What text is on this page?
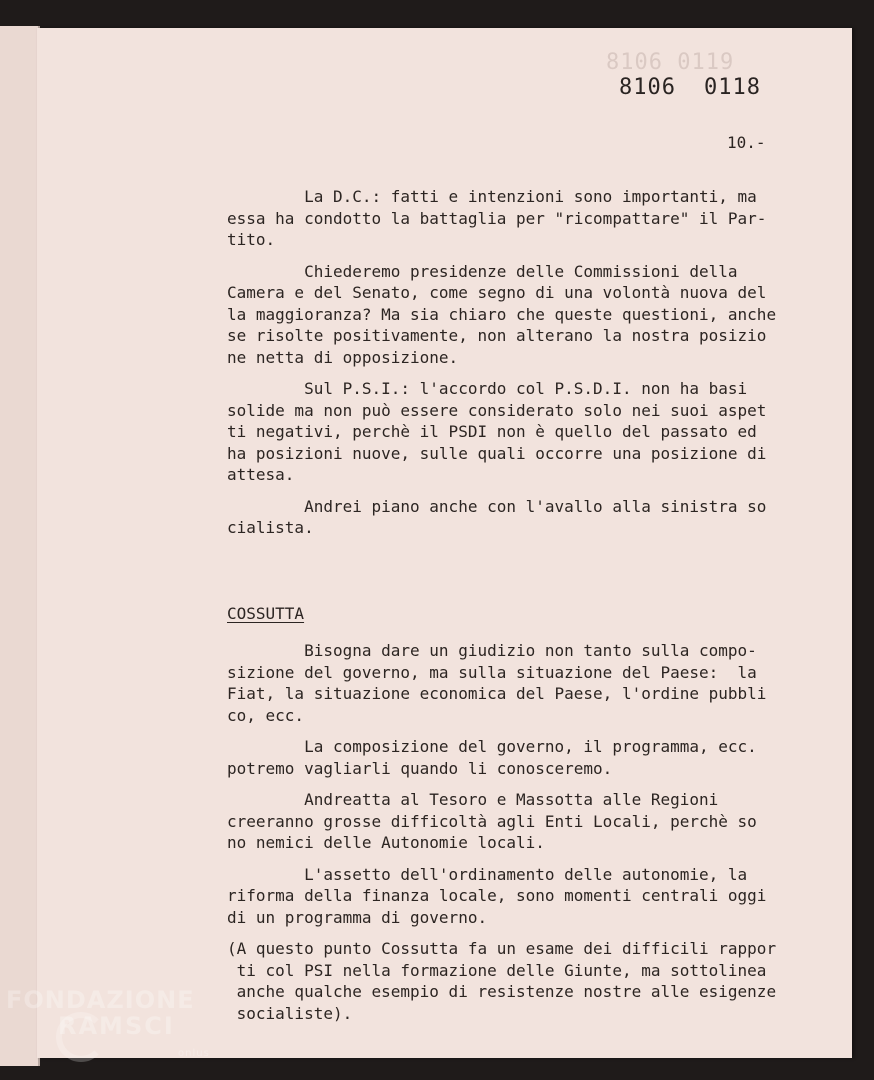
8106 0119
8106 0118
10.-
La D.C.: fatti e intenzioni sono importanti, ma
essa ha condotto la battaglia per "ricompattare" il Par-
tito.
Chiederemo presidenze delle Commissioni della
Camera e del Senato, come segno di una volontà nuova del
la maggioranza? Ma sia chiaro che queste questioni, anche
se risolte positivamente, non alterano la nostra posizio
ne netta di opposizione.
Sul P.S.I.: l'accordo col P.S.D.I. non ha basi
solide ma non può essere considerato solo nei suoi aspet
ti negativi, perchè il PSDI non è quello del passato ed
ha posizioni nuove, sulle quali occorre una posizione di
attesa.
Andrei piano anche con l'avallo alla sinistra so
cialista.
COSSUTTA
Bisogna dare un giudizio non tanto sulla compo-
sizione del governo, ma sulla situazione del Paese:  la
Fiat, la situazione economica del Paese, l'ordine pubbli
co, ecc.
La composizione del governo, il programma, ecc.
potremo vagliarli quando li conosceremo.
Andreatta al Tesoro e Massotta alle Regioni
creeranno grosse difficoltà agli Enti Locali, perchè so
no nemici delle Autonomie locali.
L'assetto dell'ordinamento delle autonomie, la
riforma della finanza locale, sono momenti centrali oggi
di un programma di governo.
(A questo punto Cossutta fa un esame dei difficili rappor
ti col PSI nella formazione delle Giunte, ma sottolinea
anche qualche esempio di resistenze nostre alle esigenze
socialiste).
FONDAZIONE
RAMSCI
onlus
